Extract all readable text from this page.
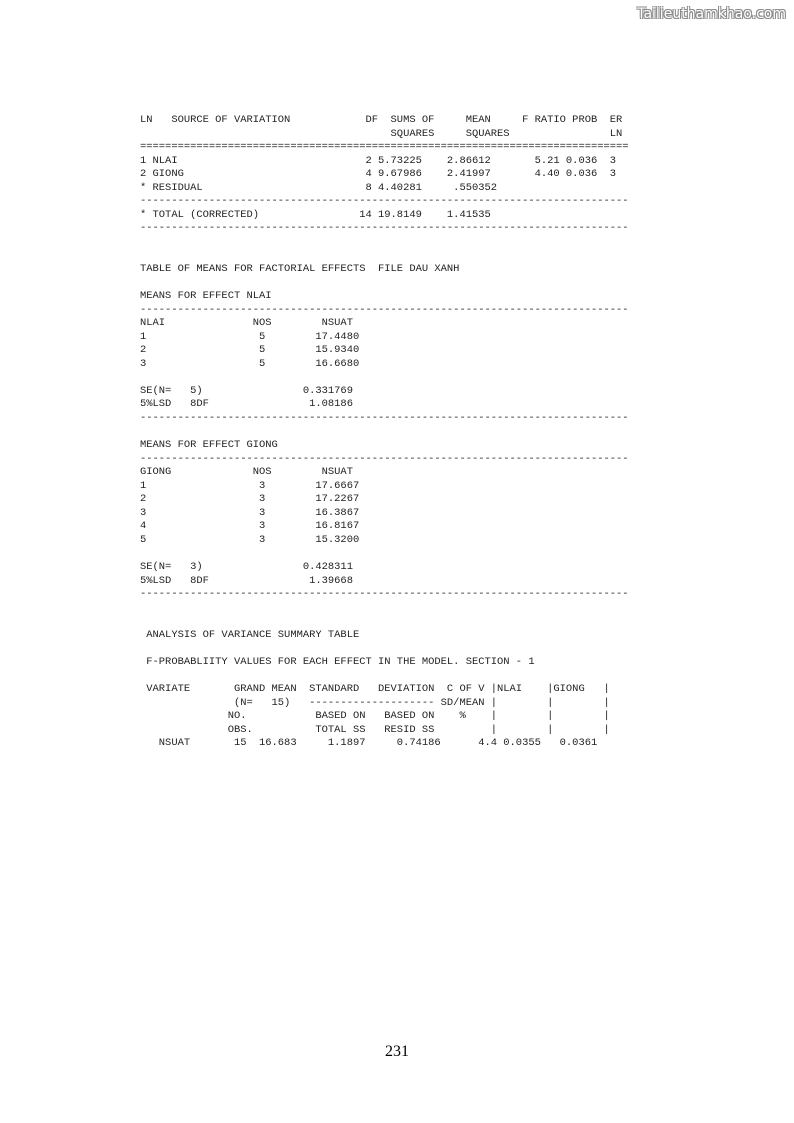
Tailieuthamkhao.com
LN   SOURCE OF VARIATION            DF  SUMS OF     MEAN     F RATIO PROB  ER
SQUARES     SQUARES                LN
==============================================================================
1 NLAI                              2 5.73225    2.86612       5.21 0.036  3
2 GIONG                             4 9.67986    2.41997       4.40 0.036  3
* RESIDUAL                          8 4.40281     .550352
------------------------------------------------------------------------------
* TOTAL (CORRECTED)                14 19.8149    1.41535
------------------------------------------------------------------------------
TABLE OF MEANS FOR FACTORIAL EFFECTS  FILE DAU XANH
MEANS FOR EFFECT NLAI
------------------------------------------------------------------------------
NLAI              NOS        NSUAT
1                  5        17.4480
2                  5        15.9340
3                  5        16.6680
SE(N=   5)                0.331769
5%LSD   8DF                1.08186
------------------------------------------------------------------------------
MEANS FOR EFFECT GIONG
------------------------------------------------------------------------------
GIONG             NOS        NSUAT
1                  3        17.6667
2                  3        17.2267
3                  3        16.3867
4                  3        16.8167
5                  3        15.3200
SE(N=   3)                0.428311
5%LSD   8DF                1.39668
------------------------------------------------------------------------------
ANALYSIS OF VARIANCE SUMMARY TABLE
F-PROBABLIITY VALUES FOR EACH EFFECT IN THE MODEL. SECTION - 1
VARIATE       GRAND MEAN  STANDARD   DEVIATION  C OF V |NLAI    |GIONG   |
(N=   15)   -------------------- SD/MEAN |        |        |
NO.           BASED ON   BASED ON    %    |        |        |
OBS.          TOTAL SS   RESID SS         |        |        |
NSUAT       15  16.683     1.1897     0.74186      4.4 0.0355   0.0361
231
